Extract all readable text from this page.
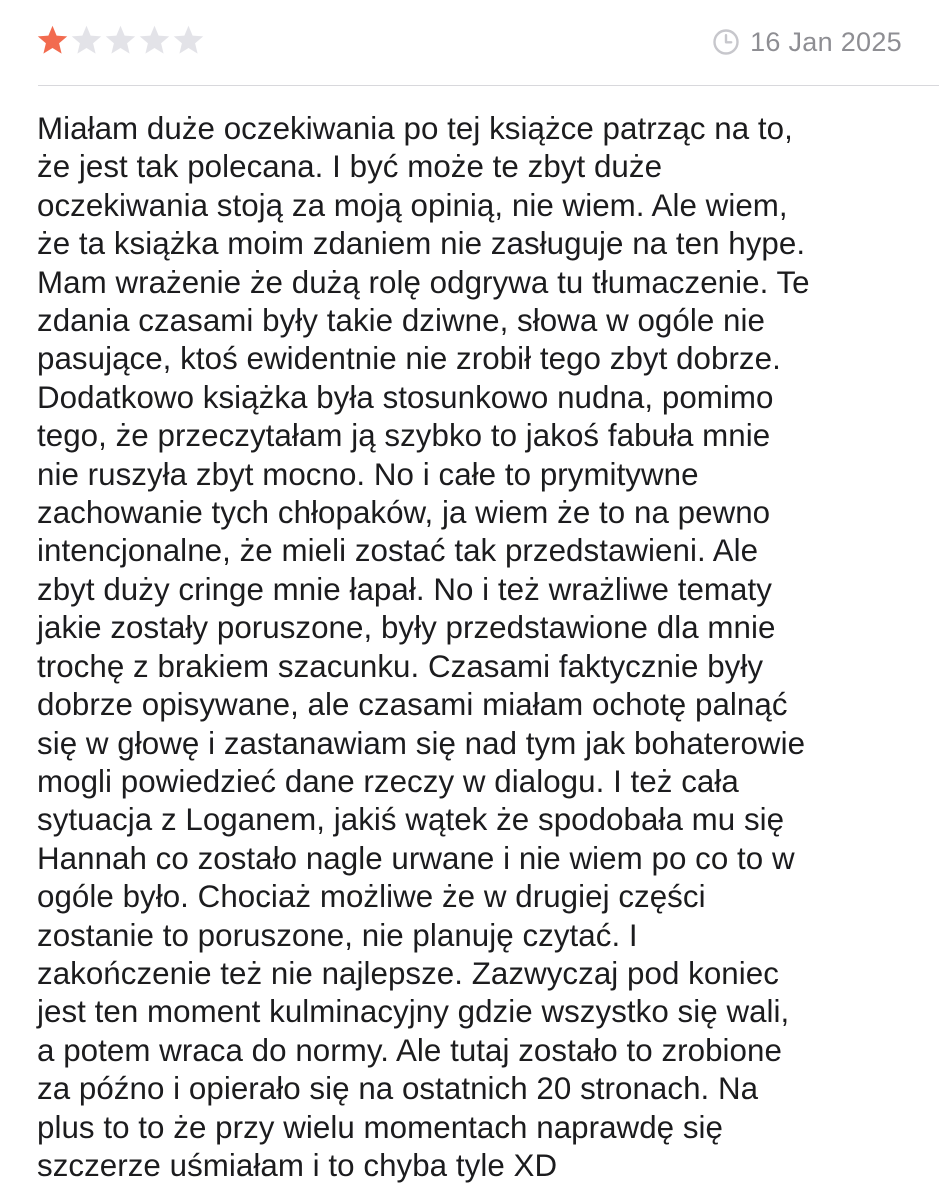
16 Jan 2025
Miałam duże oczekiwania po tej książce patrząc na to,
że jest tak polecana. I być może te zbyt duże
oczekiwania stoją za moją opinią, nie wiem. Ale wiem,
że ta książka moim zdaniem nie zasługuje na ten hype.
Mam wrażenie że dużą rolę odgrywa tu tłumaczenie. Te
zdania czasami były takie dziwne, słowa w ogóle nie
pasujące, ktoś ewidentnie nie zrobił tego zbyt dobrze.
Dodatkowo książka była stosunkowo nudna, pomimo
tego, że przeczytałam ją szybko to jakoś fabuła mnie
nie ruszyła zbyt mocno. No i całe to prymitywne
zachowanie tych chłopaków, ja wiem że to na pewno
intencjonalne, że mieli zostać tak przedstawieni. Ale
zbyt duży cringe mnie łapał. No i też wrażliwe tematy
jakie zostały poruszone, były przedstawione dla mnie
trochę z brakiem szacunku. Czasami faktycznie były
dobrze opisywane, ale czasami miałam ochotę palnąć
się w głowę i zastanawiam się nad tym jak bohaterowie
mogli powiedzieć dane rzeczy w dialogu. I też cała
sytuacja z Loganem, jakiś wątek że spodobała mu się
Hannah co zostało nagle urwane i nie wiem po co to w
ogóle było. Chociaż możliwe że w drugiej części
zostanie to poruszone, nie planuję czytać. I
zakończenie też nie najlepsze. Zazwyczaj pod koniec
jest ten moment kulminacyjny gdzie wszystko się wali,
a potem wraca do normy. Ale tutaj zostało to zrobione
za późno i opierało się na ostatnich 20 stronach. Na
plus to to że przy wielu momentach naprawdę się
szczerze uśmiałam i to chyba tyle XD
